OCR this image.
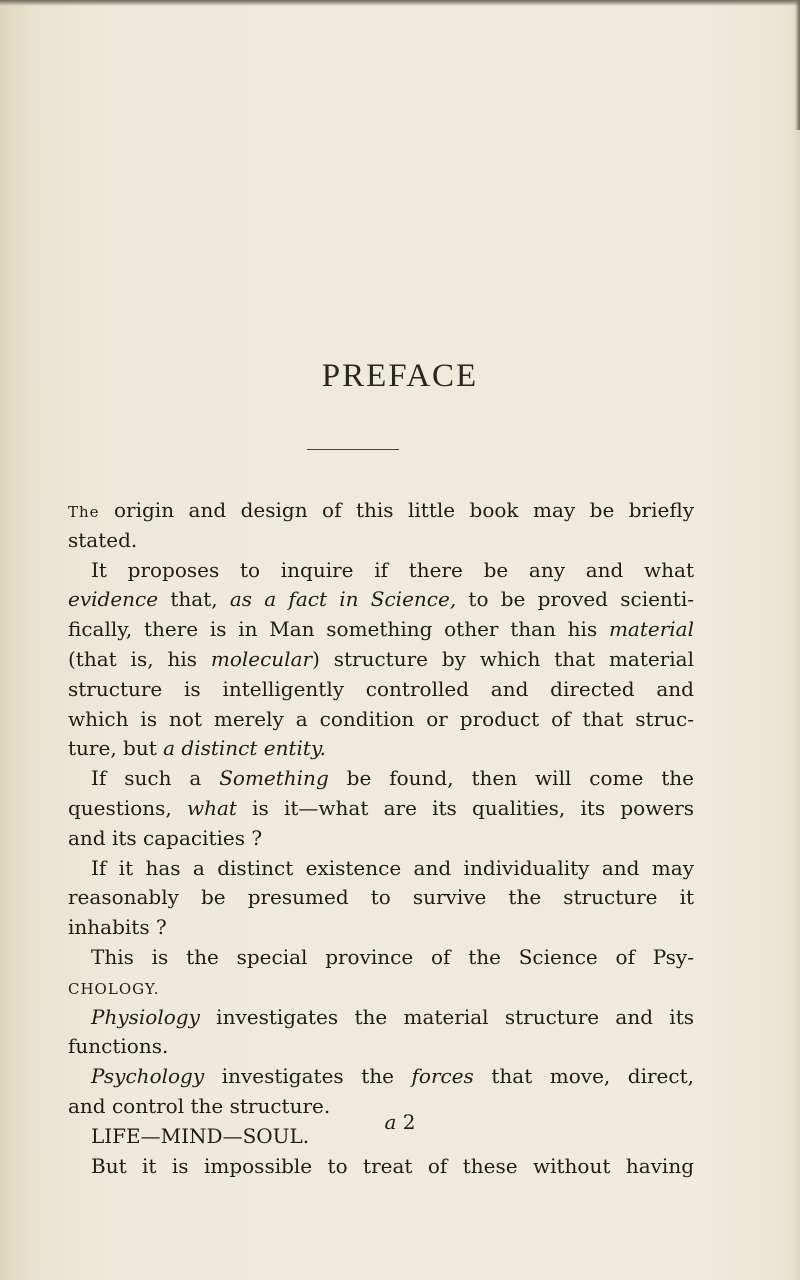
PREFACE
The origin and design of this little book may be briefly
stated.
It proposes to inquire if there be any and what
evidence that, as a fact in Science, to be proved scienti-
fically, there is in Man something other than his material
(that is, his molecular) structure by which that material
structure is intelligently controlled and directed and
which is not merely a condition or product of that struc-
ture, but a distinct entity.
If such a Something be found, then will come the
questions, what is it—what are its qualities, its powers
and its capacities ?
If it has a distinct existence and individuality and may
reasonably be presumed to survive the structure it
inhabits ?
This is the special province of the Science of Psy-
CHOLOGY.
Physiology investigates the material structure and its
functions.
Psychology investigates the forces that move, direct,
and control the structure.
LIFE—MIND—SOUL.
But it is impossible to treat of these without having
a 2
